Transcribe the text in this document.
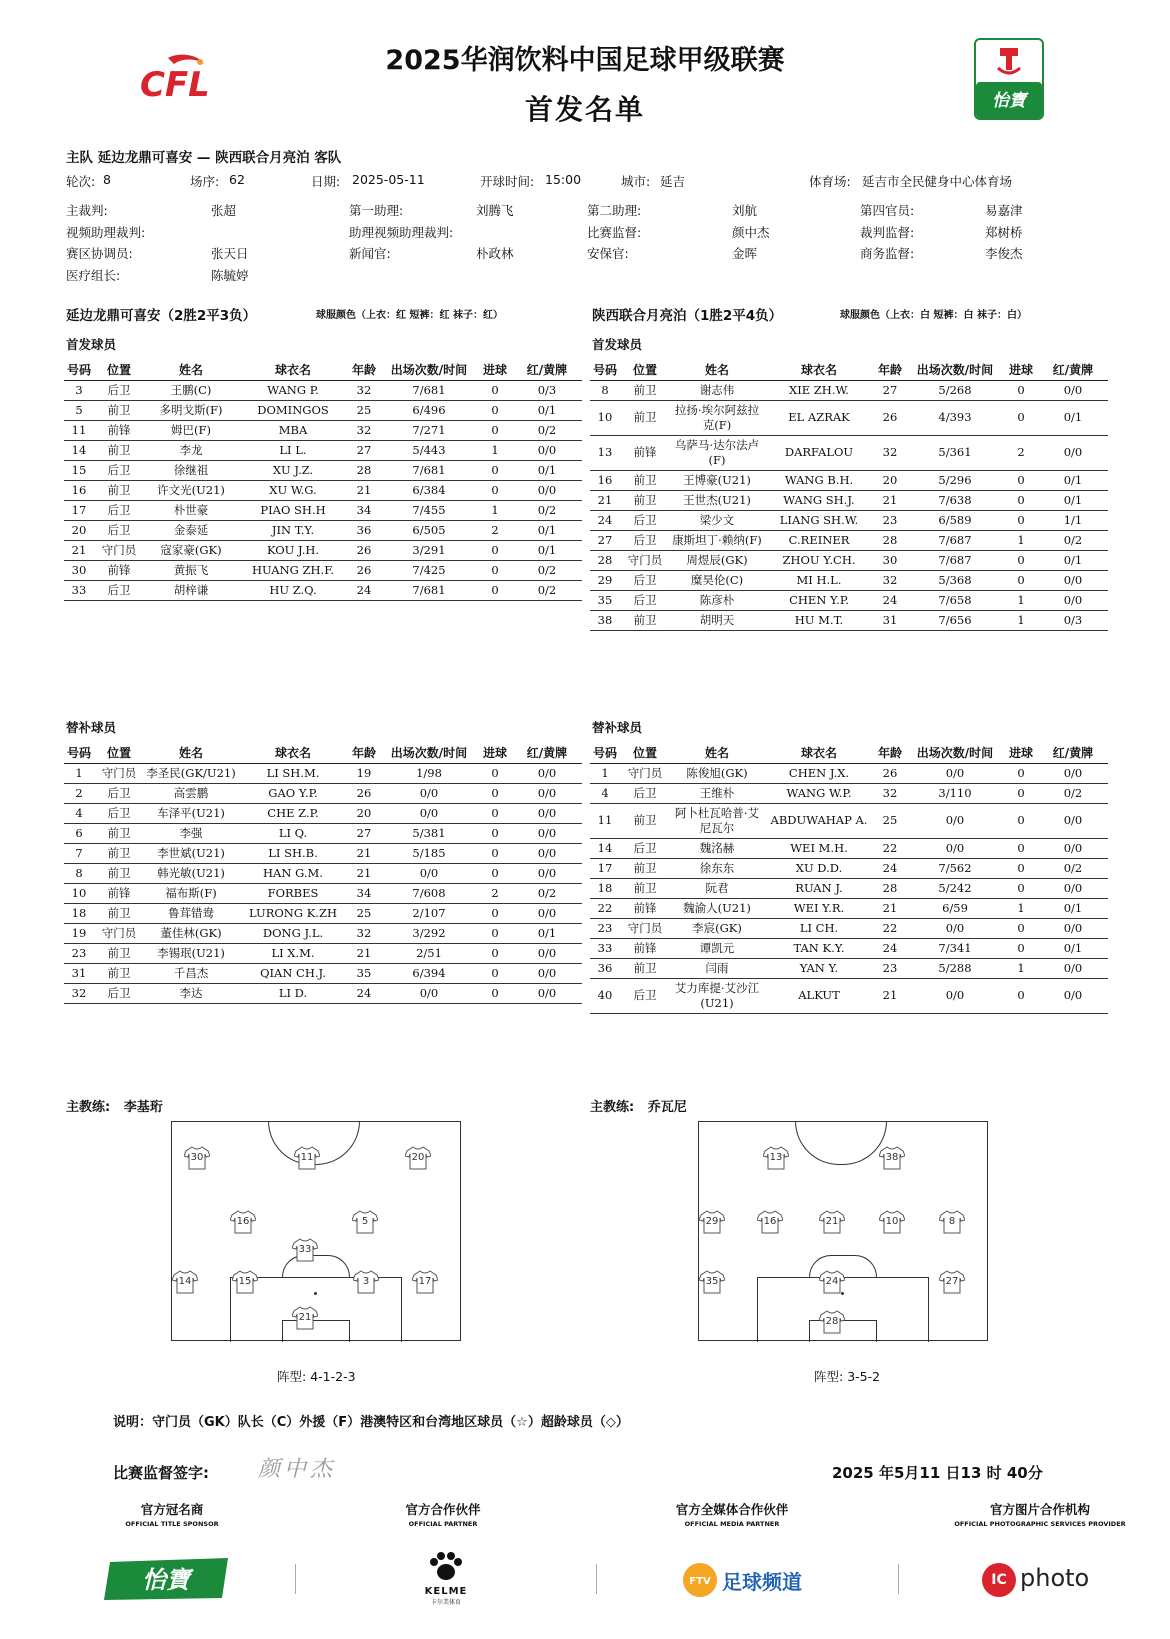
CFL	怡寶
2025华润饮料中国足球甲级联赛
首发名单
主队 延边龙鼎可喜安 — 陕西联合月亮泊 客队
轮次: 8	场序: 62	日期: 2025-05-11	开球时间: 15:00	城市: 延吉	体育场: 延吉市全民健身中心体育场
主裁判:	张超	第一助理:	刘腾飞	第二助理:	刘航	第四官员:	易嘉津
视频助理裁判:	助理视频助理裁判:	比赛监督:	颜中杰	裁判监督:	郑树桥
赛区协调员:	张天日	新闻官:	朴政林	安保官:	金晖	商务监督:	李俊杰
医疗组长:	陈毓婷
延边龙鼎可喜安（2胜2平3负）	球服颜色（上衣：红 短裤：红 袜子：红）	陕西联合月亮泊（1胜2平4负）	球服颜色（上衣：白 短裤：白 袜子：白）
首发球员	首发球员
号码	位置	姓名	球衣名	年龄	出场次数/时间	进球	红/黄牌
3	后卫	王鹏(C)	WANG P.	32	7/681	0	0/3
5	前卫	多明戈斯(F)	DOMINGOS	25	6/496	0	0/1
11	前锋	姆巴(F)	MBA	32	7/271	0	0/2
14	前卫	李龙	LI L.	27	5/443	1	0/0
15	后卫	徐继祖	XU J.Z.	28	7/681	0	0/1
16	前卫	许文光(U21)	XU W.G.	21	6/384	0	0/0
17	后卫	朴世豪	PIAO SH.H	34	7/455	1	0/2
20	后卫	金泰延	JIN T.Y.	36	6/505	2	0/1
21	守门员	寇家豪(GK)	KOU J.H.	26	3/291	0	0/1
30	前锋	黄振飞	HUANG ZH.F.	26	7/425	0	0/2
33	后卫	胡梓谦	HU Z.Q.	24	7/681	0	0/2
号码	位置	姓名	球衣名	年龄	出场次数/时间	进球	红/黄牌
8	前卫	谢志伟	XIE ZH.W.	27	5/268	0	0/0
10	前卫	拉扬·埃尔阿兹拉克(F)	EL AZRAK	26	4/393	0	0/1
13	前锋	乌萨马·达尔法卢(F)	DARFALOU	32	5/361	2	0/0
16	前卫	王博豪(U21)	WANG B.H.	20	5/296	0	0/1
21	前卫	王世杰(U21)	WANG SH.J.	21	7/638	0	0/1
24	后卫	梁少文	LIANG SH.W.	23	6/589	0	1/1
27	后卫	康斯坦丁·赖纳(F)	C.REINER	28	7/687	1	0/2
28	守门员	周煜辰(GK)	ZHOU Y.CH.	30	7/687	0	0/1
29	后卫	糜昊伦(C)	MI H.L.	32	5/368	0	0/0
35	后卫	陈彦朴	CHEN Y.P.	24	7/658	1	0/0
38	前卫	胡明天	HU M.T.	31	7/656	1	0/3
替补球员	替补球员
号码	位置	姓名	球衣名	年龄	出场次数/时间	进球	红/黄牌
1	守门员	李圣民(GK/U21)	LI SH.M.	19	1/98	0	0/0
2	后卫	高雲鹏	GAO Y.P.	26	0/0	0	0/0
4	后卫	车泽平(U21)	CHE Z.P.	20	0/0	0	0/0
6	前卫	李强	LI Q.	27	5/381	0	0/0
7	前卫	李世斌(U21)	LI SH.B.	21	5/185	0	0/0
8	前卫	韩光敏(U21)	HAN G.M.	21	0/0	0	0/0
10	前锋	福布斯(F)	FORBES	34	7/608	2	0/2
18	前卫	鲁茸错鸯	LURONG K.ZH	25	2/107	0	0/0
19	守门员	董佳林(GK)	DONG J.L.	32	3/292	0	0/1
23	前卫	李锡珉(U21)	LI X.M.	21	2/51	0	0/0
31	前卫	千昌杰	QIAN CH.J.	35	6/394	0	0/0
32	后卫	李达	LI D.	24	0/0	0	0/0
号码	位置	姓名	球衣名	年龄	出场次数/时间	进球	红/黄牌
1	守门员	陈俊旭(GK)	CHEN J.X.	26	0/0	0	0/0
4	后卫	王维朴	WANG W.P.	32	3/110	0	0/2
11	前卫	阿卜杜瓦哈普·艾尼瓦尔	ABDUWAHAP A.	25	0/0	0	0/0
14	后卫	魏洺赫	WEI M.H.	22	0/0	0	0/0
17	前卫	徐东东	XU D.D.	24	7/562	0	0/2
18	前卫	阮君	RUAN J.	28	5/242	0	0/0
22	前锋	魏渝人(U21)	WEI Y.R.	21	6/59	1	0/1
23	守门员	李宸(GK)	LI CH.	22	0/0	0	0/0
33	前锋	谭凯元	TAN K.Y.	24	7/341	0	0/1
36	前卫	闫雨	YAN Y.	23	5/288	1	0/0
40	后卫	艾力库提·艾沙江(U21)	ALKUT	21	0/0	0	0/0
主教练: 李基珩	主教练: 乔瓦尼
30	11	20
16	5
33
14	15	3	17
21
13	38
29	16	21	10	8
35	24	27
28
阵型: 4-1-2-3	阵型: 3-5-2
说明：守门员（GK）队长（C）外援（F）港澳特区和台湾地区球员（☆）超龄球员（◇）
比赛监督签字: 颜中杰	2025 年5月11 日13 时 40分
官方冠名商
OFFICIAL TITLE SPONSOR
官方合作伙伴
OFFICIAL PARTNER
官方全媒体合作伙伴
OFFICIAL MEDIA PARTNER
官方图片合作机构
OFFICIAL PHOTOGRAPHIC SERVICES PROVIDER
怡寶	KELME
卡尔美体育
FTV 足球频道	IC photo
